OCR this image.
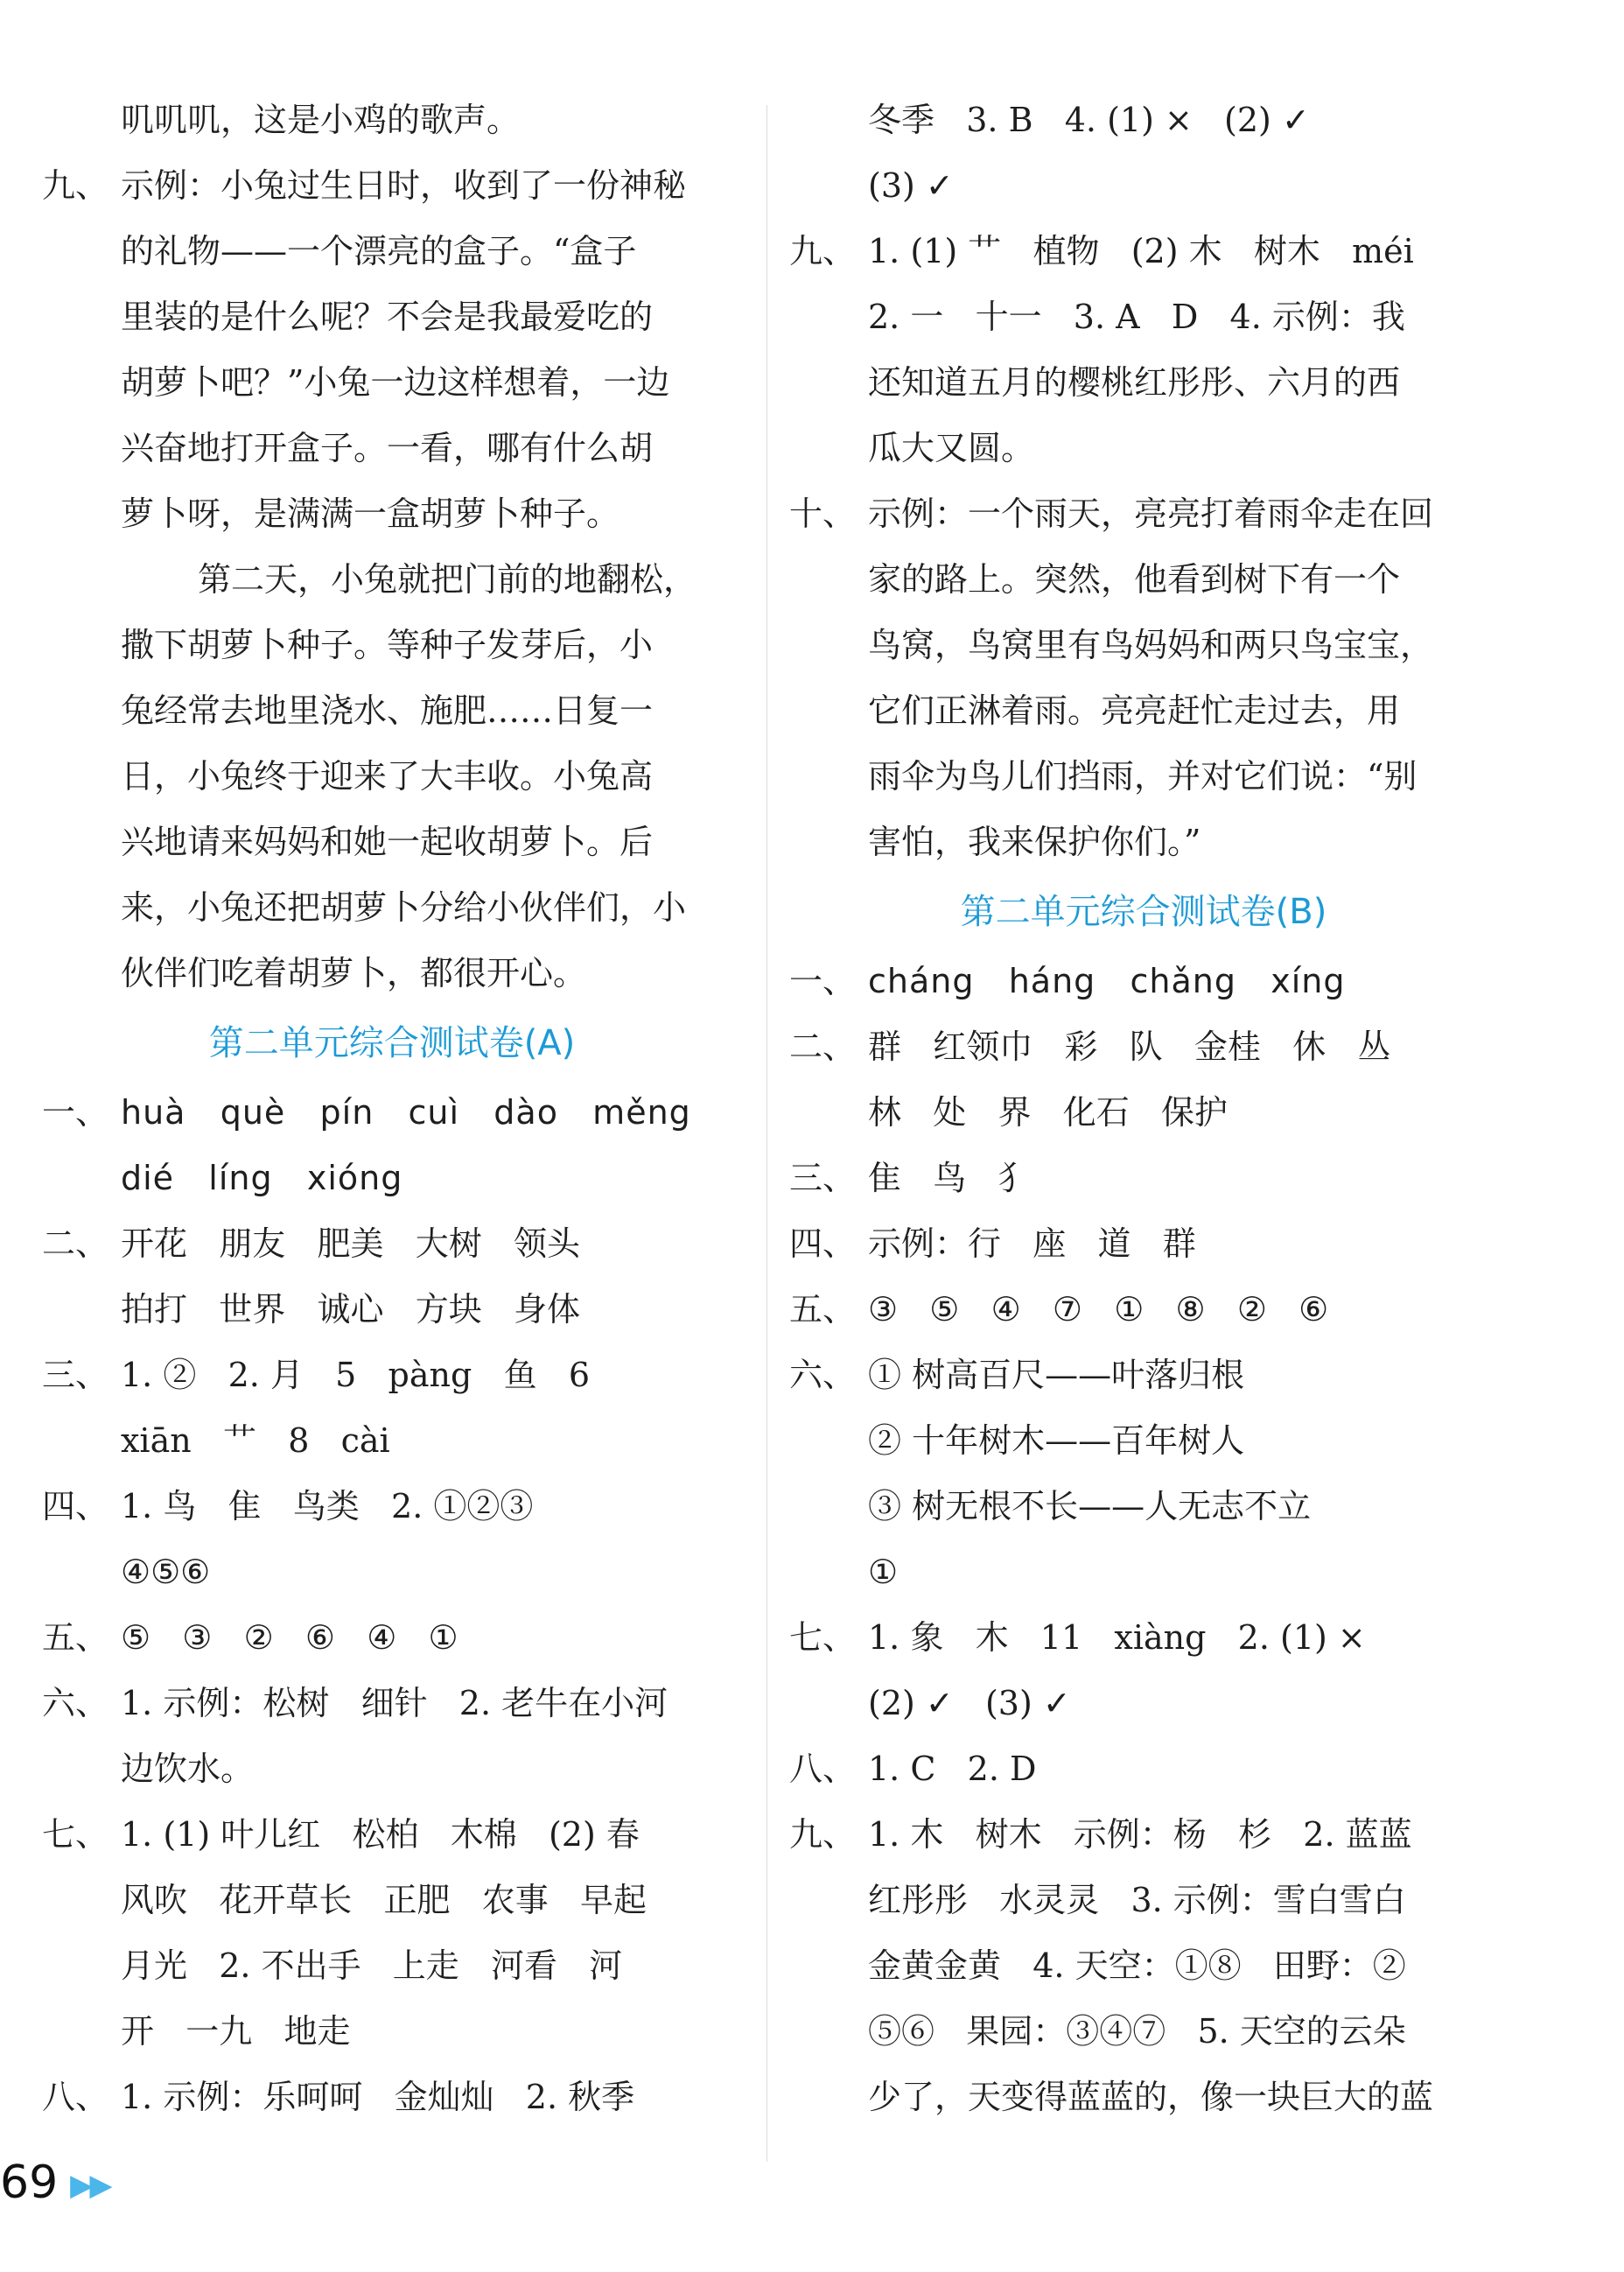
叽叽叽，这是小鸡的歌声。
九、 示例：小兔过生日时，收到了一份神秘
的礼物——一个漂亮的盒子。“盒子
里装的是什么呢？不会是我最爱吃的
胡萝卜吧？”小兔一边这样想着，一边
兴奋地打开盒子。一看，哪有什么胡
萝卜呀，是满满一盒胡萝卜种子。
第二天，小兔就把门前的地翻松，
撒下胡萝卜种子。等种子发芽后，小
兔经常去地里浇水、施肥……日复一
日，小兔终于迎来了大丰收。小兔高
兴地请来妈妈和她一起收胡萝卜。后
来，小兔还把胡萝卜分给小伙伴们，小
伙伴们吃着胡萝卜，都很开心。
第二单元综合测试卷(A)
一、 huà   què   pín   cuì   dào   měng
dié   líng   xióng
二、 开花   朋友   肥美   大树   领头
拍打   世界   诚心   方块   身体
三、 1. ②   2. 月   5   pàng   鱼   6
xiān   艹   8   cài
四、 1. 鸟   隹   鸟类   2. ①②③
④⑤⑥
五、 ⑤   ③   ②   ⑥   ④   ①
六、 1. 示例：松树   细针   2. 老牛在小河
边饮水。
七、 1. (1) 叶儿红   松柏   木棉   (2) 春
风吹   花开草长   正肥   农事   早起
月光   2. 不出手   上走   河看   河
开   一九   地走
八、 1. 示例：乐呵呵   金灿灿   2. 秋季
冬季   3. B   4. (1) ×   (2) ✓
(3) ✓
九、 1. (1) 艹   植物   (2) 木   树木   méi
2. 一   十一   3. A   D   4. 示例：我
还知道五月的樱桃红彤彤、六月的西
瓜大又圆。
十、 示例：一个雨天，亮亮打着雨伞走在回
家的路上。突然，他看到树下有一个
鸟窝，鸟窝里有鸟妈妈和两只鸟宝宝，
它们正淋着雨。亮亮赶忙走过去，用
雨伞为鸟儿们挡雨，并对它们说：“别
害怕，我来保护你们。”
第二单元综合测试卷(B)
一、 cháng   háng   chǎng   xíng
二、 群   红领巾   彩   队   金桂   休   丛
林   处   界   化石   保护
三、 隹   鸟   犭
四、 示例：行   座   道   群
五、 ③   ⑤   ④   ⑦   ①   ⑧   ②   ⑥
六、 ① 树高百尺——叶落归根
② 十年树木——百年树人
③ 树无根不长——人无志不立
①
七、 1. 象   木   11   xiàng   2. (1) ×
(2) ✓   (3) ✓
八、 1. C   2. D
九、 1. 木   树木   示例：杨   杉   2. 蓝蓝
红彤彤   水灵灵   3. 示例：雪白雪白
金黄金黄   4. 天空：①⑧   田野：②
⑤⑥   果园：③④⑦   5. 天空的云朵
少了，天变得蓝蓝的，像一块巨大的蓝
69 ▶▶
